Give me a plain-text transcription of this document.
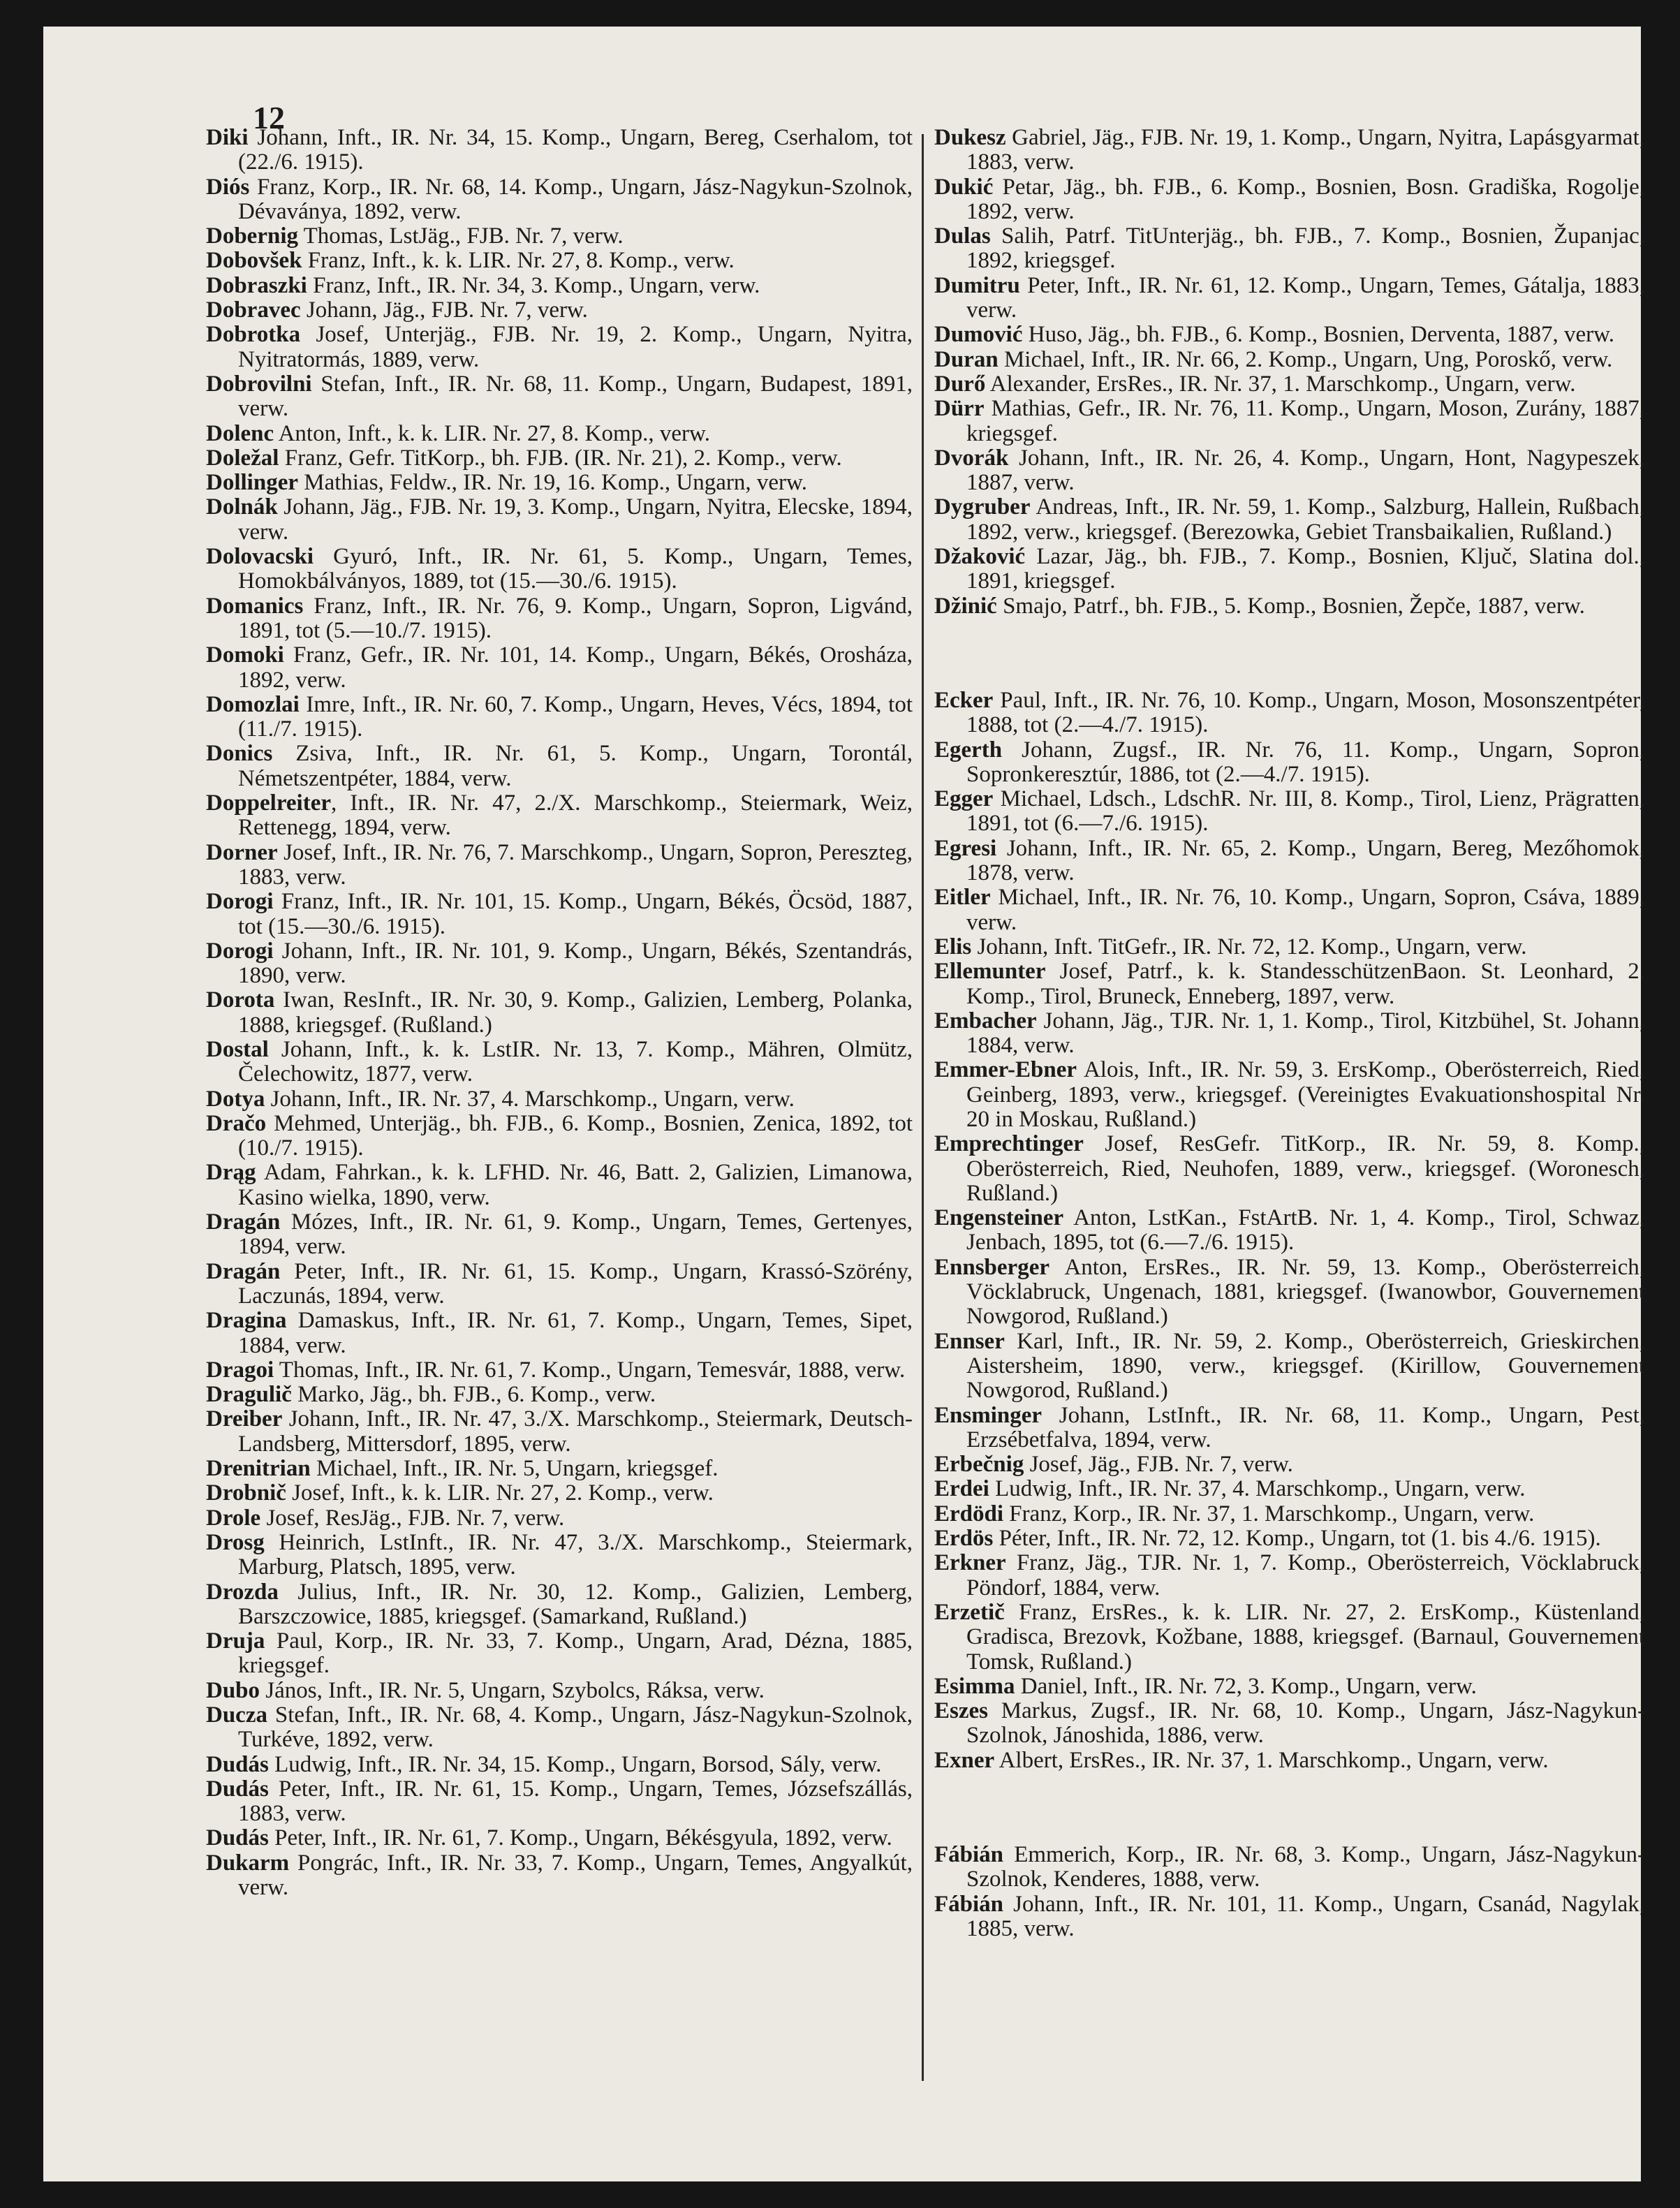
12

Diki Johann, Inft., IR. Nr. 34, 15. Komp., Ungarn, Bereg, Cserhalom, tot (22./6. 1915).

Diós Franz, Korp., IR. Nr. 68, 14. Komp., Ungarn, Jász-Nagykun-Szolnok, Dévaványa, 1892, verw.

Dobernig Thomas, LstJäg., FJB. Nr. 7, verw.

Dobovšek Franz, Inft., k. k. LIR. Nr. 27, 8. Komp., verw.

Dobraszki Franz, Inft., IR. Nr. 34, 3. Komp., Ungarn, verw.

Dobravec Johann, Jäg., FJB. Nr. 7, verw.

Dobrotka Josef, Unterjäg., FJB. Nr. 19, 2. Komp., Ungarn, Nyitra, Nyitratormás, 1889, verw.

Dobrovilni Stefan, Inft., IR. Nr. 68, 11. Komp., Ungarn, Budapest, 1891, verw.

Dolenc Anton, Inft., k. k. LIR. Nr. 27, 8. Komp., verw.

Doležal Franz, Gefr. TitKorp., bh. FJB. (IR. Nr. 21), 2. Komp., verw.

Dollinger Mathias, Feldw., IR. Nr. 19, 16. Komp., Ungarn, verw.

Dolnák Johann, Jäg., FJB. Nr. 19, 3. Komp., Ungarn, Nyitra, Elecske, 1894, verw.

Dolovacski Gyuró, Inft., IR. Nr. 61, 5. Komp., Ungarn, Temes, Homokbálványos, 1889, tot (15.—30./6. 1915).

Domanics Franz, Inft., IR. Nr. 76, 9. Komp., Ungarn, Sopron, Ligvánd, 1891, tot (5.—10./7. 1915).

Domoki Franz, Gefr., IR. Nr. 101, 14. Komp., Ungarn, Békés, Orosháza, 1892, verw.

Domozlai Imre, Inft., IR. Nr. 60, 7. Komp., Ungarn, Heves, Vécs, 1894, tot (11./7. 1915).

Donics Zsiva, Inft., IR. Nr. 61, 5. Komp., Ungarn, Torontál, Németszentpéter, 1884, verw.

Doppelreiter, Inft., IR. Nr. 47, 2./X. Marschkomp., Steiermark, Weiz, Rettenegg, 1894, verw.

Dorner Josef, Inft., IR. Nr. 76, 7. Marschkomp., Ungarn, Sopron, Pereszteg, 1883, verw.

Dorogi Franz, Inft., IR. Nr. 101, 15. Komp., Ungarn, Békés, Öcsöd, 1887, tot (15.—30./6. 1915).

Dorogi Johann, Inft., IR. Nr. 101, 9. Komp., Ungarn, Békés, Szentandrás, 1890, verw.

Dorota Iwan, ResInft., IR. Nr. 30, 9. Komp., Galizien, Lemberg, Polanka, 1888, kriegsgef. (Rußland.)

Dostal Johann, Inft., k. k. LstIR. Nr. 13, 7. Komp., Mähren, Olmütz, Čelechowitz, 1877, verw.

Dotya Johann, Inft., IR. Nr. 37, 4. Marschkomp., Ungarn, verw.

Dračo Mehmed, Unterjäg., bh. FJB., 6. Komp., Bosnien, Zenica, 1892, tot (10./7. 1915).

Drąg Adam, Fahrkan., k. k. LFHD. Nr. 46, Batt. 2, Galizien, Limanowa, Kasino wielka, 1890, verw.

Dragán Mózes, Inft., IR. Nr. 61, 9. Komp., Ungarn, Temes, Gertenyes, 1894, verw.

Dragán Peter, Inft., IR. Nr. 61, 15. Komp., Ungarn, Krassó-Szörény, Laczunás, 1894, verw.

Dragina Damaskus, Inft., IR. Nr. 61, 7. Komp., Ungarn, Temes, Sipet, 1884, verw.

Dragoi Thomas, Inft., IR. Nr. 61, 7. Komp., Ungarn, Temesvár, 1888, verw.

Dragulič Marko, Jäg., bh. FJB., 6. Komp., verw.

Dreiber Johann, Inft., IR. Nr. 47, 3./X. Marschkomp., Steiermark, Deutsch-Landsberg, Mittersdorf, 1895, verw.

Drenitrian Michael, Inft., IR. Nr. 5, Ungarn, kriegsgef.

Drobnič Josef, Inft., k. k. LIR. Nr. 27, 2. Komp., verw.

Drole Josef, ResJäg., FJB. Nr. 7, verw.

Drosg Heinrich, LstInft., IR. Nr. 47, 3./X. Marschkomp., Steiermark, Marburg, Platsch, 1895, verw.

Drozda Julius, Inft., IR. Nr. 30, 12. Komp., Galizien, Lemberg, Barszczowice, 1885, kriegsgef. (Samarkand, Rußland.)

Druja Paul, Korp., IR. Nr. 33, 7. Komp., Ungarn, Arad, Dézna, 1885, kriegsgef.

Dubo János, Inft., IR. Nr. 5, Ungarn, Szybolcs, Ráksa, verw.

Ducza Stefan, Inft., IR. Nr. 68, 4. Komp., Ungarn, Jász-Nagykun-Szolnok, Turkéve, 1892, verw.

Dudás Ludwig, Inft., IR. Nr. 34, 15. Komp., Ungarn, Borsod, Sály, verw.

Dudás Peter, Inft., IR. Nr. 61, 15. Komp., Ungarn, Temes, Józsefszállás, 1883, verw.

Dudás Peter, Inft., IR. Nr. 61, 7. Komp., Ungarn, Békésgyula, 1892, verw.

Dukarm Pongrác, Inft., IR. Nr. 33, 7. Komp., Ungarn, Temes, Angyalkút, verw.

Dukesz Gabriel, Jäg., FJB. Nr. 19, 1. Komp., Ungarn, Nyitra, Lapásgyarmat, 1883, verw.

Dukić Petar, Jäg., bh. FJB., 6. Komp., Bosnien, Bosn. Gradiška, Rogolje, 1892, verw.

Dulas Salih, Patrf. TitUnterjäg., bh. FJB., 7. Komp., Bosnien, Županjac, 1892, kriegsgef.

Dumitru Peter, Inft., IR. Nr. 61, 12. Komp., Ungarn, Temes, Gátalja, 1883, verw.

Dumović Huso, Jäg., bh. FJB., 6. Komp., Bosnien, Derventa, 1887, verw.

Duran Michael, Inft., IR. Nr. 66, 2. Komp., Ungarn, Ung, Poroskő, verw.

Durő Alexander, ErsRes., IR. Nr. 37, 1. Marschkomp., Ungarn, verw.

Dürr Mathias, Gefr., IR. Nr. 76, 11. Komp., Ungarn, Moson, Zurány, 1887, kriegsgef.

Dvorák Johann, Inft., IR. Nr. 26, 4. Komp., Ungarn, Hont, Nagypeszek, 1887, verw.

Dygruber Andreas, Inft., IR. Nr. 59, 1. Komp., Salzburg, Hallein, Rußbach, 1892, verw., kriegsgef. (Berezowka, Gebiet Transbaikalien, Rußland.)

Džaković Lazar, Jäg., bh. FJB., 7. Komp., Bosnien, Ključ, Slatina dol., 1891, kriegsgef.

Džinić Smajo, Patrf., bh. FJB., 5. Komp., Bosnien, Žepče, 1887, verw.

Ecker Paul, Inft., IR. Nr. 76, 10. Komp., Ungarn, Moson, Mosonszentpéter, 1888, tot (2.—4./7. 1915).

Egerth Johann, Zugsf., IR. Nr. 76, 11. Komp., Ungarn, Sopron, Sopronkeresztúr, 1886, tot (2.—4./7. 1915).

Egger Michael, Ldsch., LdschR. Nr. III, 8. Komp., Tirol, Lienz, Prägratten, 1891, tot (6.—7./6. 1915).

Egresi Johann, Inft., IR. Nr. 65, 2. Komp., Ungarn, Bereg, Mezőhomok, 1878, verw.

Eitler Michael, Inft., IR. Nr. 76, 10. Komp., Ungarn, Sopron, Csáva, 1889, verw.

Elis Johann, Inft. TitGefr., IR. Nr. 72, 12. Komp., Ungarn, verw.

Ellemunter Josef, Patrf., k. k. StandesschützenBaon. St. Leonhard, 2. Komp., Tirol, Bruneck, Enneberg, 1897, verw.

Embacher Johann, Jäg., TJR. Nr. 1, 1. Komp., Tirol, Kitzbühel, St. Johann, 1884, verw.

Emmer-Ebner Alois, Inft., IR. Nr. 59, 3. ErsKomp., Oberösterreich, Ried, Geinberg, 1893, verw., kriegsgef. (Vereinigtes Evakuationshospital Nr. 20 in Moskau, Rußland.)

Emprechtinger Josef, ResGefr. TitKorp., IR. Nr. 59, 8. Komp., Oberösterreich, Ried, Neuhofen, 1889, verw., kriegsgef. (Woronesch, Rußland.)

Engensteiner Anton, LstKan., FstArtB. Nr. 1, 4. Komp., Tirol, Schwaz, Jenbach, 1895, tot (6.—7./6. 1915).

Ennsberger Anton, ErsRes., IR. Nr. 59, 13. Komp., Oberösterreich, Vöcklabruck, Ungenach, 1881, kriegsgef. (Iwanowbor, Gouvernement Nowgorod, Rußland.)

Ennser Karl, Inft., IR. Nr. 59, 2. Komp., Oberösterreich, Grieskirchen, Aistersheim, 1890, verw., kriegsgef. (Kirillow, Gouvernement Nowgorod, Rußland.)

Ensminger Johann, LstInft., IR. Nr. 68, 11. Komp., Ungarn, Pest, Erzsébetfalva, 1894, verw.

Erbečnig Josef, Jäg., FJB. Nr. 7, verw.

Erdei Ludwig, Inft., IR. Nr. 37, 4. Marschkomp., Ungarn, verw.

Erdödi Franz, Korp., IR. Nr. 37, 1. Marschkomp., Ungarn, verw.

Erdös Péter, Inft., IR. Nr. 72, 12. Komp., Ungarn, tot (1. bis 4./6. 1915).

Erkner Franz, Jäg., TJR. Nr. 1, 7. Komp., Oberösterreich, Vöcklabruck, Pöndorf, 1884, verw.

Erzetič Franz, ErsRes., k. k. LIR. Nr. 27, 2. ErsKomp., Küstenland, Gradisca, Brezovk, Kožbane, 1888, kriegsgef. (Barnaul, Gouvernement Tomsk, Rußland.)

Esimma Daniel, Inft., IR. Nr. 72, 3. Komp., Ungarn, verw.

Eszes Markus, Zugsf., IR. Nr. 68, 10. Komp., Ungarn, Jász-Nagykun-Szolnok, Jánoshida, 1886, verw.

Exner Albert, ErsRes., IR. Nr. 37, 1. Marschkomp., Ungarn, verw.

Fábián Emmerich, Korp., IR. Nr. 68, 3. Komp., Ungarn, Jász-Nagykun-Szolnok, Kenderes, 1888, verw.

Fábián Johann, Inft., IR. Nr. 101, 11. Komp., Ungarn, Csanád, Nagylak, 1885, verw.
